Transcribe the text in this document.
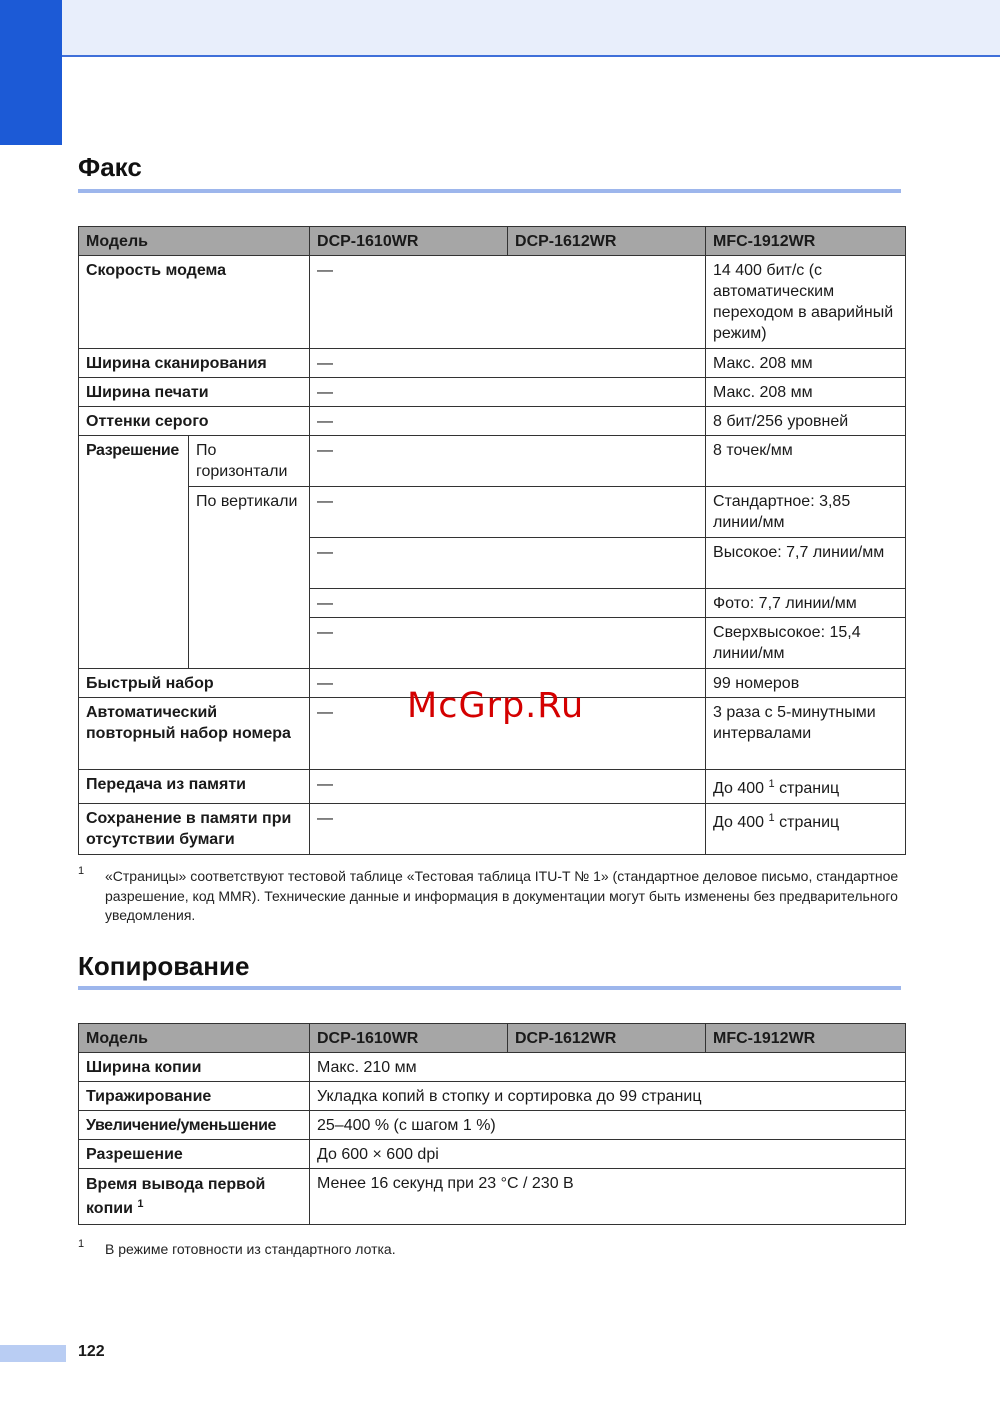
Факс
Модель		DCP-1610WR	DCP-1612WR	MFC-1912WR
Скорость модема		—		14 400 бит/с (с автоматическим переходом в аварийный режим)
Ширина сканирования		—		Макс. 208 мм
Ширина печати		—		Макс. 208 мм
Оттенки серого		—		8 бит/256 уровней
Разрешение	По горизонтали	—		8 точек/мм
	По вертикали	—		Стандартное: 3,85 линии/мм
		—		Высокое: 7,7 линии/мм
		—		Фото: 7,7 линии/мм
		—		Сверхвысокое: 15,4 линии/мм
Быстрый набор		—		99 номеров
Автоматический повторный набор номера		—		3 раза с 5-минутными интервалами
Передача из памяти		—		До 400 $^1$ страниц
Сохранение в памяти при отсутствии бумаги		—		До 400 $^1$ страниц
1 «Страницы» соответствуют тестовой таблице «Тестовая таблица ITU-T № 1» (стандартное деловое письмо, стандартное разрешение, код MMR). Технические данные и информация в документации могут быть изменены без предварительного уведомления.
Копирование
Модель	DCP-1610WR	DCP-1612WR	MFC-1912WR
Ширина копии	Макс. 210 мм		
Тиражирование	Укладка копий в стопку и сортировка до 99 страниц		
Увеличение/уменьшение	25–400 % (с шагом 1 %)		
Разрешение	До 600 × 600 dpi		
Время вывода первой копии $^1$	Менее 16 секунд при 23 °C / 230 В		
1 В режиме готовности из стандартного лотка.
122
McGrp.Ru
